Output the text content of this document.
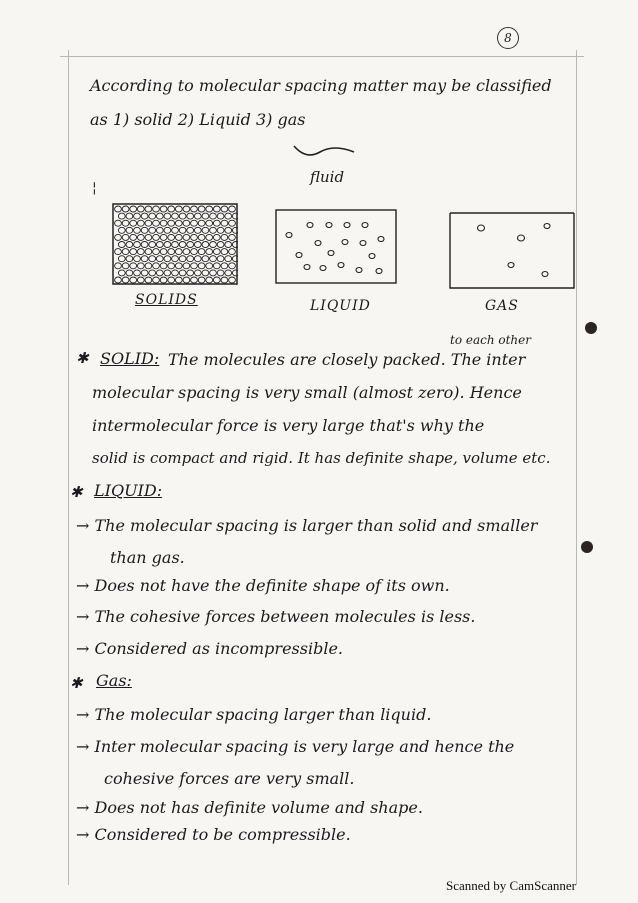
8
According to molecular spacing matter may be classified
as 1) solid 2) Liquid 3) gas
fluid
¦
SOLIDS	LIQUID	GAS
to each other
✱ SOLID: The molecules are closely packed. The inter
molecular spacing is very small (almost zero). Hence
intermolecular force is very large that's why the
solid is compact and rigid. It has definite shape, volume etc.
✱ LIQUID:
→ The molecular spacing is larger than solid and smaller
than gas.
→ Does not have the definite shape of its own.
→ The cohesive forces between molecules is less.
→ Considered as incompressible.
✱ Gas:
→ The molecular spacing larger than liquid.
→ Inter molecular spacing is very large and hence the
cohesive forces are very small.
→ Does not has definite volume and shape.
→ Considered to be compressible.
Scanned by CamScanner
